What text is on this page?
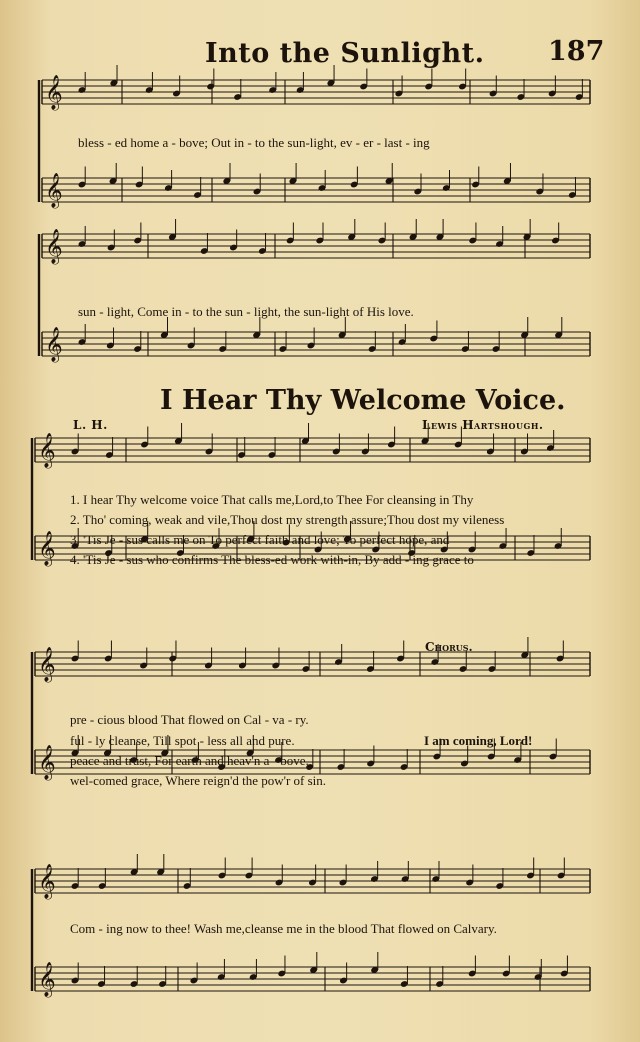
𝄞
𝄞
𝄞
𝄞
𝄞
𝄞
𝄞
𝄞
𝄞
𝄞
Into the Sunlight. 187
bless - ed home a - bove; Out in - to the sun-light, ev - er - last - ing
sun - light, Come in - to the sun - light, the sun-light of His love.
I Hear Thy Welcome Voice.
L. H.	Lewis Hartshough.
1. I hear Thy welcome voice That calls me,Lord,to Thee For cleansing in Thy
2. Tho' coming, weak and vile,Thou dost my strength assure;Thou dost my vileness
3. 'Tis Je - sus calls me on To perfect faith and love; To perfect hope, and
4. 'Tis Je - sus who confirms The bless-ed work with-in, By add - ing grace to
Chorus.
pre - cious blood That flowed on Cal - va - ry.
ful - ly cleanse, Till spot - less all and pure.
peace and trust, For earth and heav'n a - bove.
wel-comed grace, Where reign'd the pow'r of sin.
I am coming, Lord!
Com - ing now to thee! Wash me,cleanse me in the blood That flowed on Calvary.
